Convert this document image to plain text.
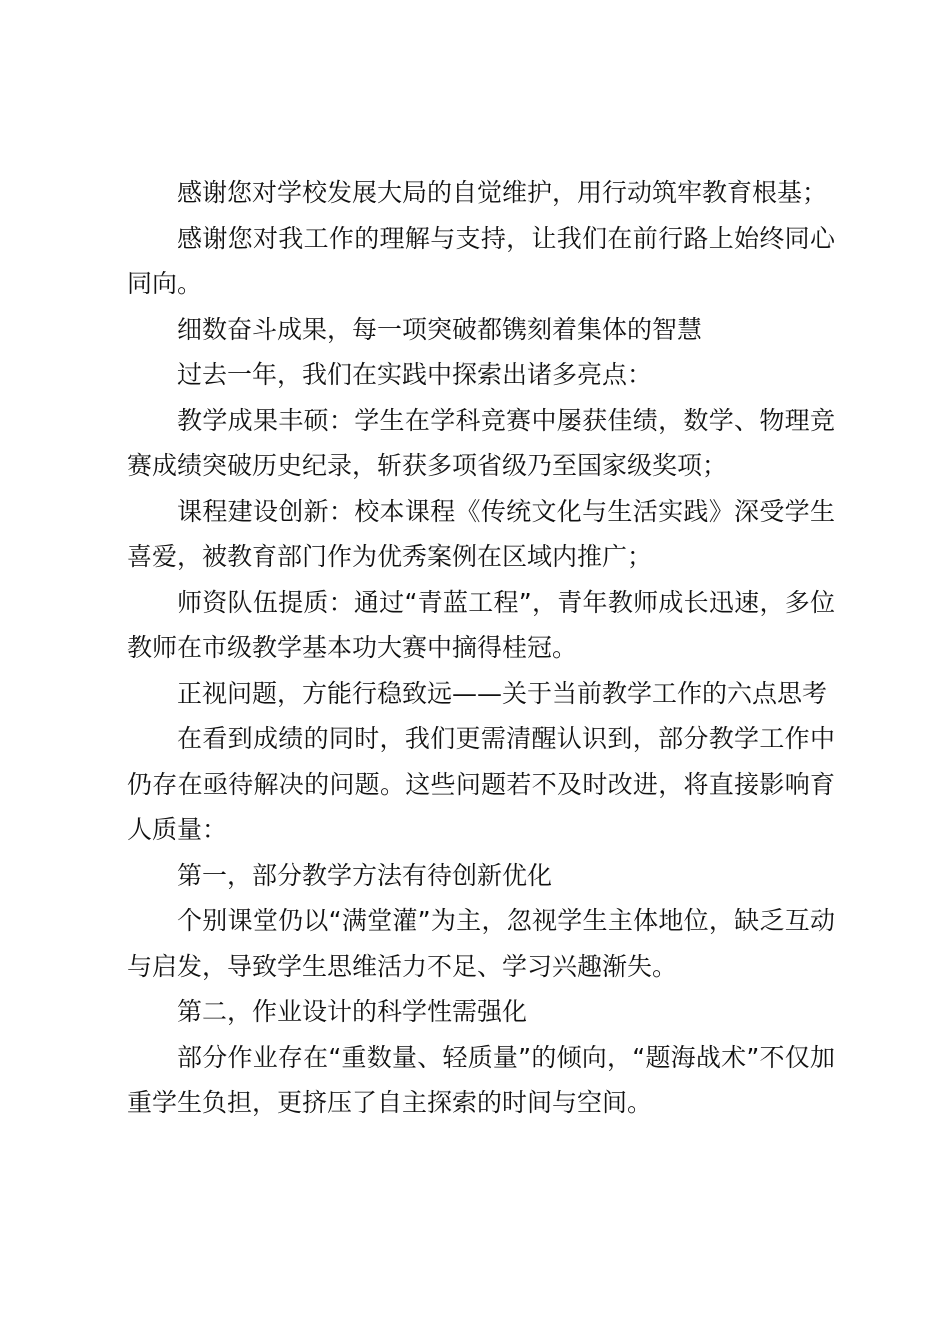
感谢您对学校发展大局的自觉维护，用行动筑牢教育根基；

感谢您对我工作的理解与支持，让我们在前行路上始终同心同向。

细数奋斗成果，每一项突破都镌刻着集体的智慧

过去一年，我们在实践中探索出诸多亮点：

教学成果丰硕：学生在学科竞赛中屡获佳绩，数学、物理竞赛成绩突破历史纪录，斩获多项省级乃至国家级奖项；

课程建设创新：校本课程《传统文化与生活实践》深受学生喜爱，被教育部门作为优秀案例在区域内推广；

师资队伍提质：通过“青蓝工程”，青年教师成长迅速，多位教师在市级教学基本功大赛中摘得桂冠。

正视问题，方能行稳致远——关于当前教学工作的六点思考

在看到成绩的同时，我们更需清醒认识到，部分教学工作中仍存在亟待解决的问题。这些问题若不及时改进，将直接影响育人质量：

第一，部分教学方法有待创新优化

个别课堂仍以“满堂灌”为主，忽视学生主体地位，缺乏互动与启发，导致学生思维活力不足、学习兴趣渐失。

第二，作业设计的科学性需强化

部分作业存在“重数量、轻质量”的倾向，“题海战术”不仅加重学生负担，更挤压了自主探索的时间与空间。
